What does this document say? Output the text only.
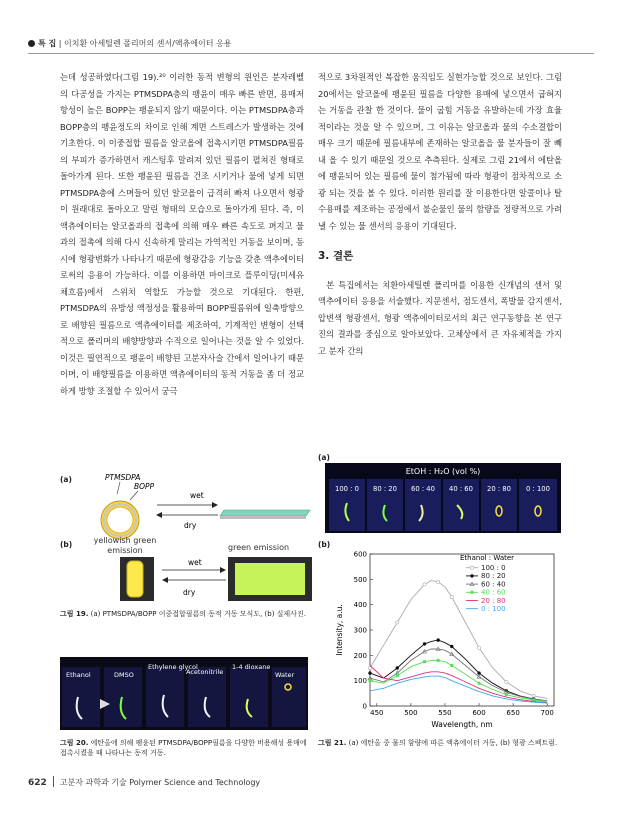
특 집 | 이치환 아세틸렌 폴리머의 센서/액츄에이터 응용

는데 성공하였다(그림 19).²⁰ 이러한 동적 변형의 원인은 분자레벨의 다공성을 가지는 PTMSDPA층의 팽윤이 매우 빠른 반면, 용매저항성이 높은 BOPP는 팽윤되지 않기 때문이다. 이는 PTMSDPA층과 BOPP층의 팽윤정도의 차이로 인해 계면 스트레스가 발생하는 것에 기초한다. 이 이중접합 필름을 알코올에 접촉시키면 PTMSDPA필름의 부피가 증가하면서 캐스팅후 말려져 있던 필름이 펼쳐진 형태로 돌아가게 된다. 또한 팽윤된 필름을 건조 시키거나 물에 넣게 되면 PTMSDPA층에 스며들어 있던 알코올이 급격히 빠져 나오면서 형광이 원래대로 돌아오고 말린 형태의 모습으로 돌아가게 된다. 즉, 이 액츄에이터는 알코올과의 접촉에 의해 매우 빠른 속도로 펴지고 물과의 접촉에 의해 다시 신속하게 말리는 가역적인 거동을 보이며, 동시에 형광변화가 나타나기 때문에 형광감응 기능을 갖춘 액추에이터로써의 응용이 가능하다. 이를 이용하면 마이크로 플루이딩(미세유체흐름)에서 스위치 역할도 가능할 것으로 기대된다. 한편, PTMSDPA의 유방성 액정성을 활용하여 BOPP필름위에 일축방향으로 배향된 필름으로 액츄에이터를 제조하여, 기계적인 변형이 선택적으로 폴리머의 배향방향과 수직으로 일어나는 것을 알 수 있었다. 이것은 필연적으로 팽윤이 배향된 고분자사슬 간에서 일어나기 때문이며, 이 배향필름을 이용하면 액츄에이터의 동적 거동을 좀 더 정교하게 방향 조절할 수 있어서 궁극

적으로 3차원적인 복잡한 움직임도 실현가능할 것으로 보인다. 그림 20에서는 알코올에 팽윤된 필름을 다양한 용매에 넣으면서 굽혀지는 거동을 관찰 한 것이다. 물이 굽힘 거동을 유발하는데 가장 효율적이라는 것을 알 수 있으며, 그 이유는 알코올과 물의 수소결합이 매우 크기 때문에 필름내부에 존재하는 알코올을 물 분자들이 잘 빼내 올 수 있기 때문일 것으로 추측된다. 실제로 그림 21에서 에탄올에 팽윤되어 있는 필름에 물이 첨가됨에 따라 형광이 점차적으로 소광 되는 것을 볼 수 있다. 이러한 원리를 잘 이용한다면 알콜이나 탈수용매를 제조하는 공정에서 불순물인 물의 함량을 정량적으로 가려낼 수 있는 물 센서의 응용이 기대된다.

3. 결론

본 특집에서는 치환아세틸렌 폴리머를 이용한 신개념의 센서 및 액추에이터 응용을 서술했다. 지문센서, 점도센서, 폭발물 감지센서, 압변색 형광센서, 형광 액츄에이터로서의 최근 연구동향을 본 연구진의 결과를 중심으로 알아보았다. 고체상에서 큰 자유체적을 가지고 분자 간의

(a)	PTMSDPA
BOPP
wet
dry
(b)	yellowish green
emission	green emission
wet
dry
그림 19. (a) PTMSDPA/BOPP 이중접합필름의 동적 거동 모식도, (b) 실제사진.
Ethanol	DMSO
Ethylene glycol
Acetonitrile
1-4 dioxane
Water
그림 20. 에탄올에 의해 팽윤된 PTMSDPA/BOPP필름을 다양한 비용해성 용매에 접촉시켰을 때 나타나는 동적 거동.
(a)
EtOH : H₂O (vol %)
100 : 0 80 : 20 60 : 40 40 : 60 20 : 80 0 : 100
(b)
0
100
200
300
400
500
600
450	500	550	600	650	700
Wavelength, nm
Intensity, a.u.
Ethanol : Water
100 : 0
80 : 20
60 : 40
40 : 60
20 : 80
0 : 100
그림 21. (a) 에탄올 중 물의 함량에 따른 액츄에이터 거동, (b) 형광 스펙트럼.
622 고분자 과학과 기술 Polymer Science and Technology
